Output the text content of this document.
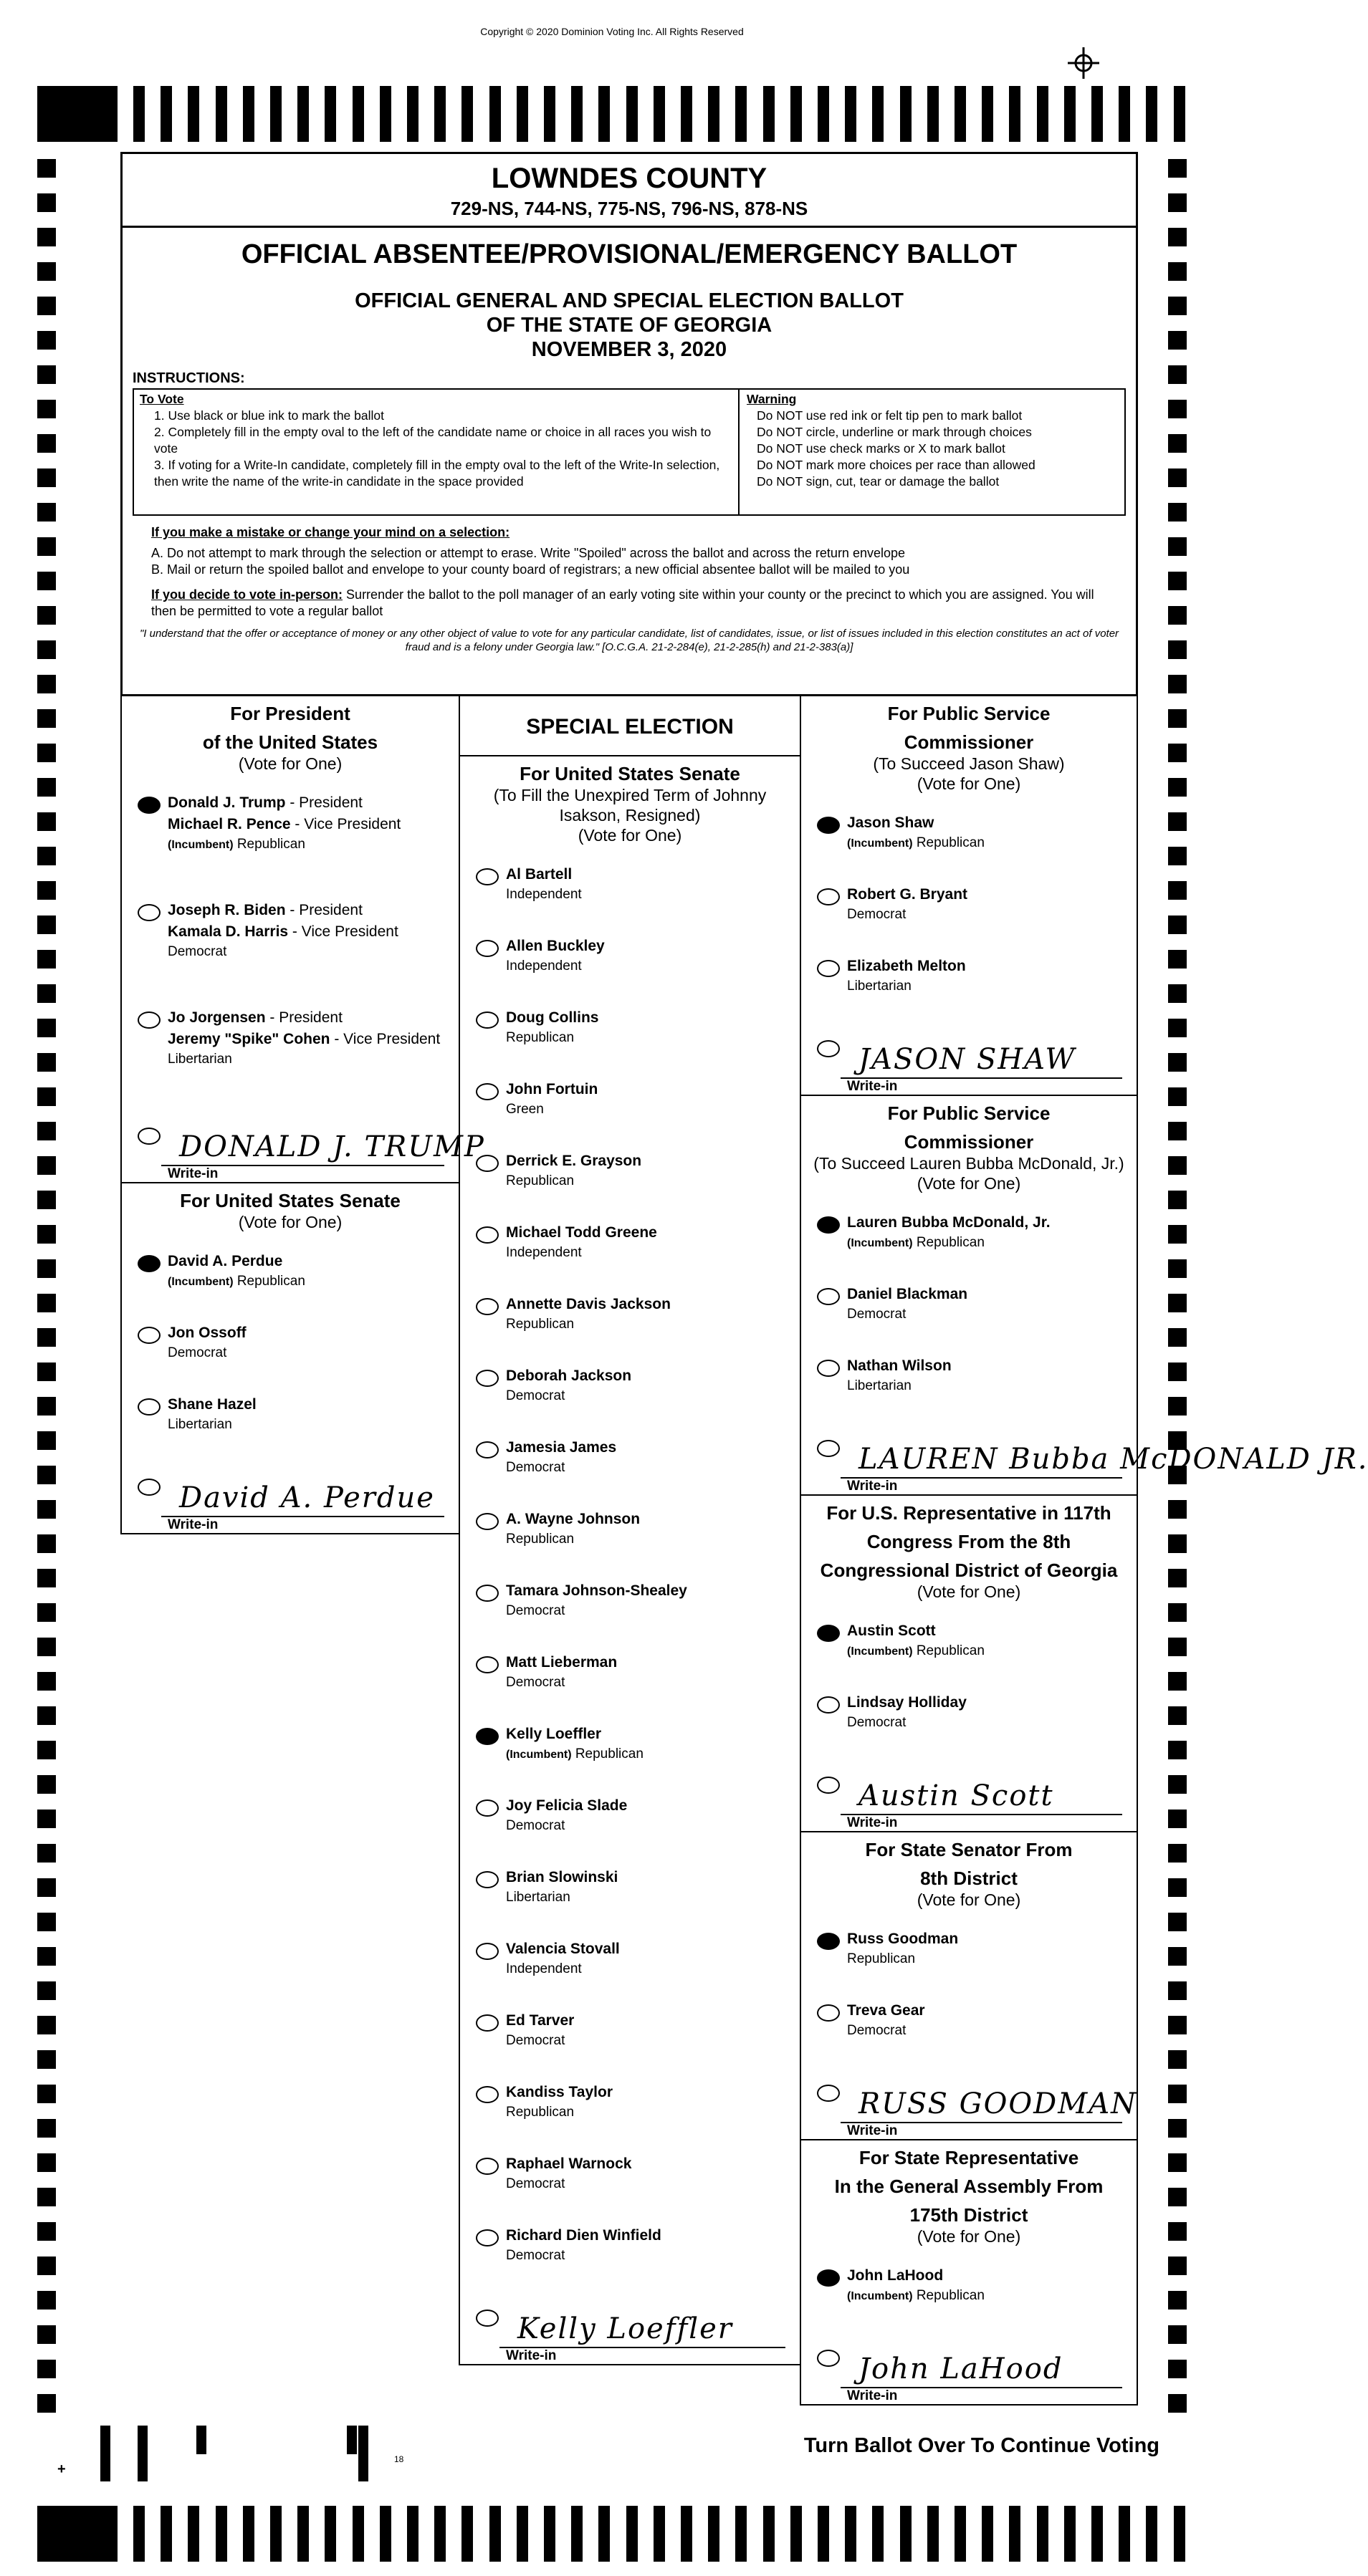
Copyright © 2020 Dominion Voting Inc. All Rights Reserved
LOWNDES COUNTY
729-NS, 744-NS, 775-NS, 796-NS, 878-NS
OFFICIAL ABSENTEE/PROVISIONAL/EMERGENCY BALLOT
OFFICIAL GENERAL AND SPECIAL ELECTION BALLOT
OF THE STATE OF GEORGIA
NOVEMBER 3, 2020
INSTRUCTIONS:
To Vote
1. Use black or blue ink to mark the ballot
2. Completely fill in the empty oval to the left of the candidate name or choice in all races you wish to vote
3. If voting for a Write-In candidate, completely fill in the empty oval to the left of the Write-In selection, then write the name of the write-in candidate in the space provided
Warning
Do NOT use red ink or felt tip pen to mark ballot
Do NOT circle, underline or mark through choices
Do NOT use check marks or X to mark ballot
Do NOT mark more choices per race than allowed
Do NOT sign, cut, tear or damage the ballot
If you make a mistake or change your mind on a selection:
A. Do not attempt to mark through the selection or attempt to erase. Write "Spoiled" across the ballot and across the return envelope
B. Mail or return the spoiled ballot and envelope to your county board of registrars; a new official absentee ballot will be mailed to you
If you decide to vote in-person: Surrender the ballot to the poll manager of an early voting site within your county or the precinct to which you are assigned. You will then be permitted to vote a regular ballot
"I understand that the offer or acceptance of money or any other object of value to vote for any particular candidate, list of candidates, issue, or list of issues included in this election constitutes an act of voter fraud and is a felony under Georgia law." [O.C.G.A. 21-2-284(e), 21-2-285(h) and 21-2-383(a)]
For President
of the United States
(Vote for One)
Donald J. Trump - President
Michael R. Pence - Vice President
(Incumbent) Republican
Joseph R. Biden - President
Kamala D. Harris - Vice President
Democrat
Jo Jorgensen - President
Jeremy "Spike" Cohen - Vice President
Libertarian
DONALD J. TRUMP
Write-in
For United States Senate
(Vote for One)
David A. Perdue
(Incumbent) Republican
Jon Ossoff
Democrat
Shane Hazel
Libertarian
David A. Perdue
Write-in
SPECIAL ELECTION
For United States Senate
(To Fill the Unexpired Term of Johnny
Isakson, Resigned)
(Vote for One)
Al Bartell
Independent
Allen Buckley
Independent
Doug Collins
Republican
John Fortuin
Green
Derrick E. Grayson
Republican
Michael Todd Greene
Independent
Annette Davis Jackson
Republican
Deborah Jackson
Democrat
Jamesia James
Democrat
A. Wayne Johnson
Republican
Tamara Johnson-Shealey
Democrat
Matt Lieberman
Democrat
Kelly Loeffler
(Incumbent) Republican
Joy Felicia Slade
Democrat
Brian Slowinski
Libertarian
Valencia Stovall
Independent
Ed Tarver
Democrat
Kandiss Taylor
Republican
Raphael Warnock
Democrat
Richard Dien Winfield
Democrat
Kelly Loeffler
Write-in
For Public Service
Commissioner
(To Succeed Jason Shaw)
(Vote for One)
Jason Shaw
(Incumbent) Republican
Robert G. Bryant
Democrat
Elizabeth Melton
Libertarian
JASON SHAW
Write-in
For Public Service
Commissioner
(To Succeed Lauren Bubba McDonald, Jr.)
(Vote for One)
Lauren Bubba McDonald, Jr.
(Incumbent) Republican
Daniel Blackman
Democrat
Nathan Wilson
Libertarian
LAUREN Bubba McDONALD JR.
Write-in
For U.S. Representative in 117th
Congress From the 8th
Congressional District of Georgia
(Vote for One)
Austin Scott
(Incumbent) Republican
Lindsay Holliday
Democrat
Austin Scott
Write-in
For State Senator From
8th District
(Vote for One)
Russ Goodman
Republican
Treva Gear
Democrat
RUSS GOODMAN
Write-in
For State Representative
In the General Assembly From
175th District
(Vote for One)
John LaHood
(Incumbent) Republican
John LaHood
Write-in
+
18
Turn Ballot Over To Continue Voting
